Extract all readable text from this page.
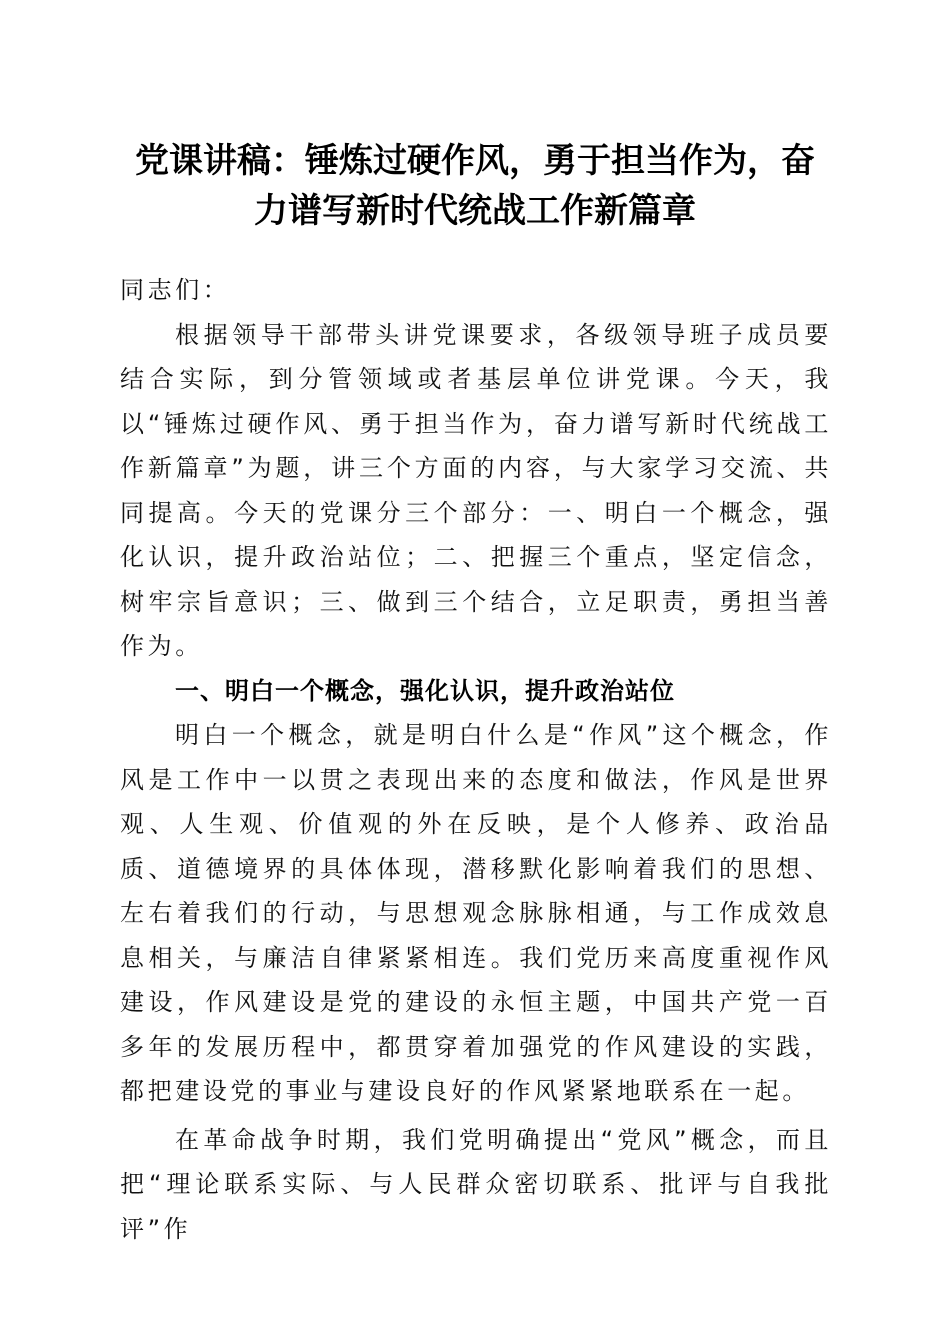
党课讲稿：锤炼过硬作风，勇于担当作为，奋
力谱写新时代统战工作新篇章

同志们：

根据领导干部带头讲党课要求，各级领导班子成员要结合实际，到分管领域或者基层单位讲党课。今天，我以“锤炼过硬作风、勇于担当作为，奋力谱写新时代统战工作新篇章”为题，讲三个方面的内容，与大家学习交流、共同提高。今天的党课分三个部分：一、明白一个概念，强化认识，提升政治站位；二、把握三个重点，坚定信念，树牢宗旨意识；三、做到三个结合，立足职责，勇担当善作为。

一、明白一个概念，强化认识，提升政治站位

明白一个概念，就是明白什么是“作风”这个概念，作风是工作中一以贯之表现出来的态度和做法，作风是世界观、人生观、价值观的外在反映，是个人修养、政治品质、道德境界的具体体现，潜移默化影响着我们的思想、左右着我们的行动，与思想观念脉脉相通，与工作成效息息相关，与廉洁自律紧紧相连。我们党历来高度重视作风建设，作风建设是党的建设的永恒主题，中国共产党一百多年的发展历程中，都贯穿着加强党的作风建设的实践，都把建设党的事业与建设良好的作风紧紧地联系在一起。

在革命战争时期，我们党明确提出“党风”概念，而且把“理论联系实际、与人民群众密切联系、批评与自我批评”作
